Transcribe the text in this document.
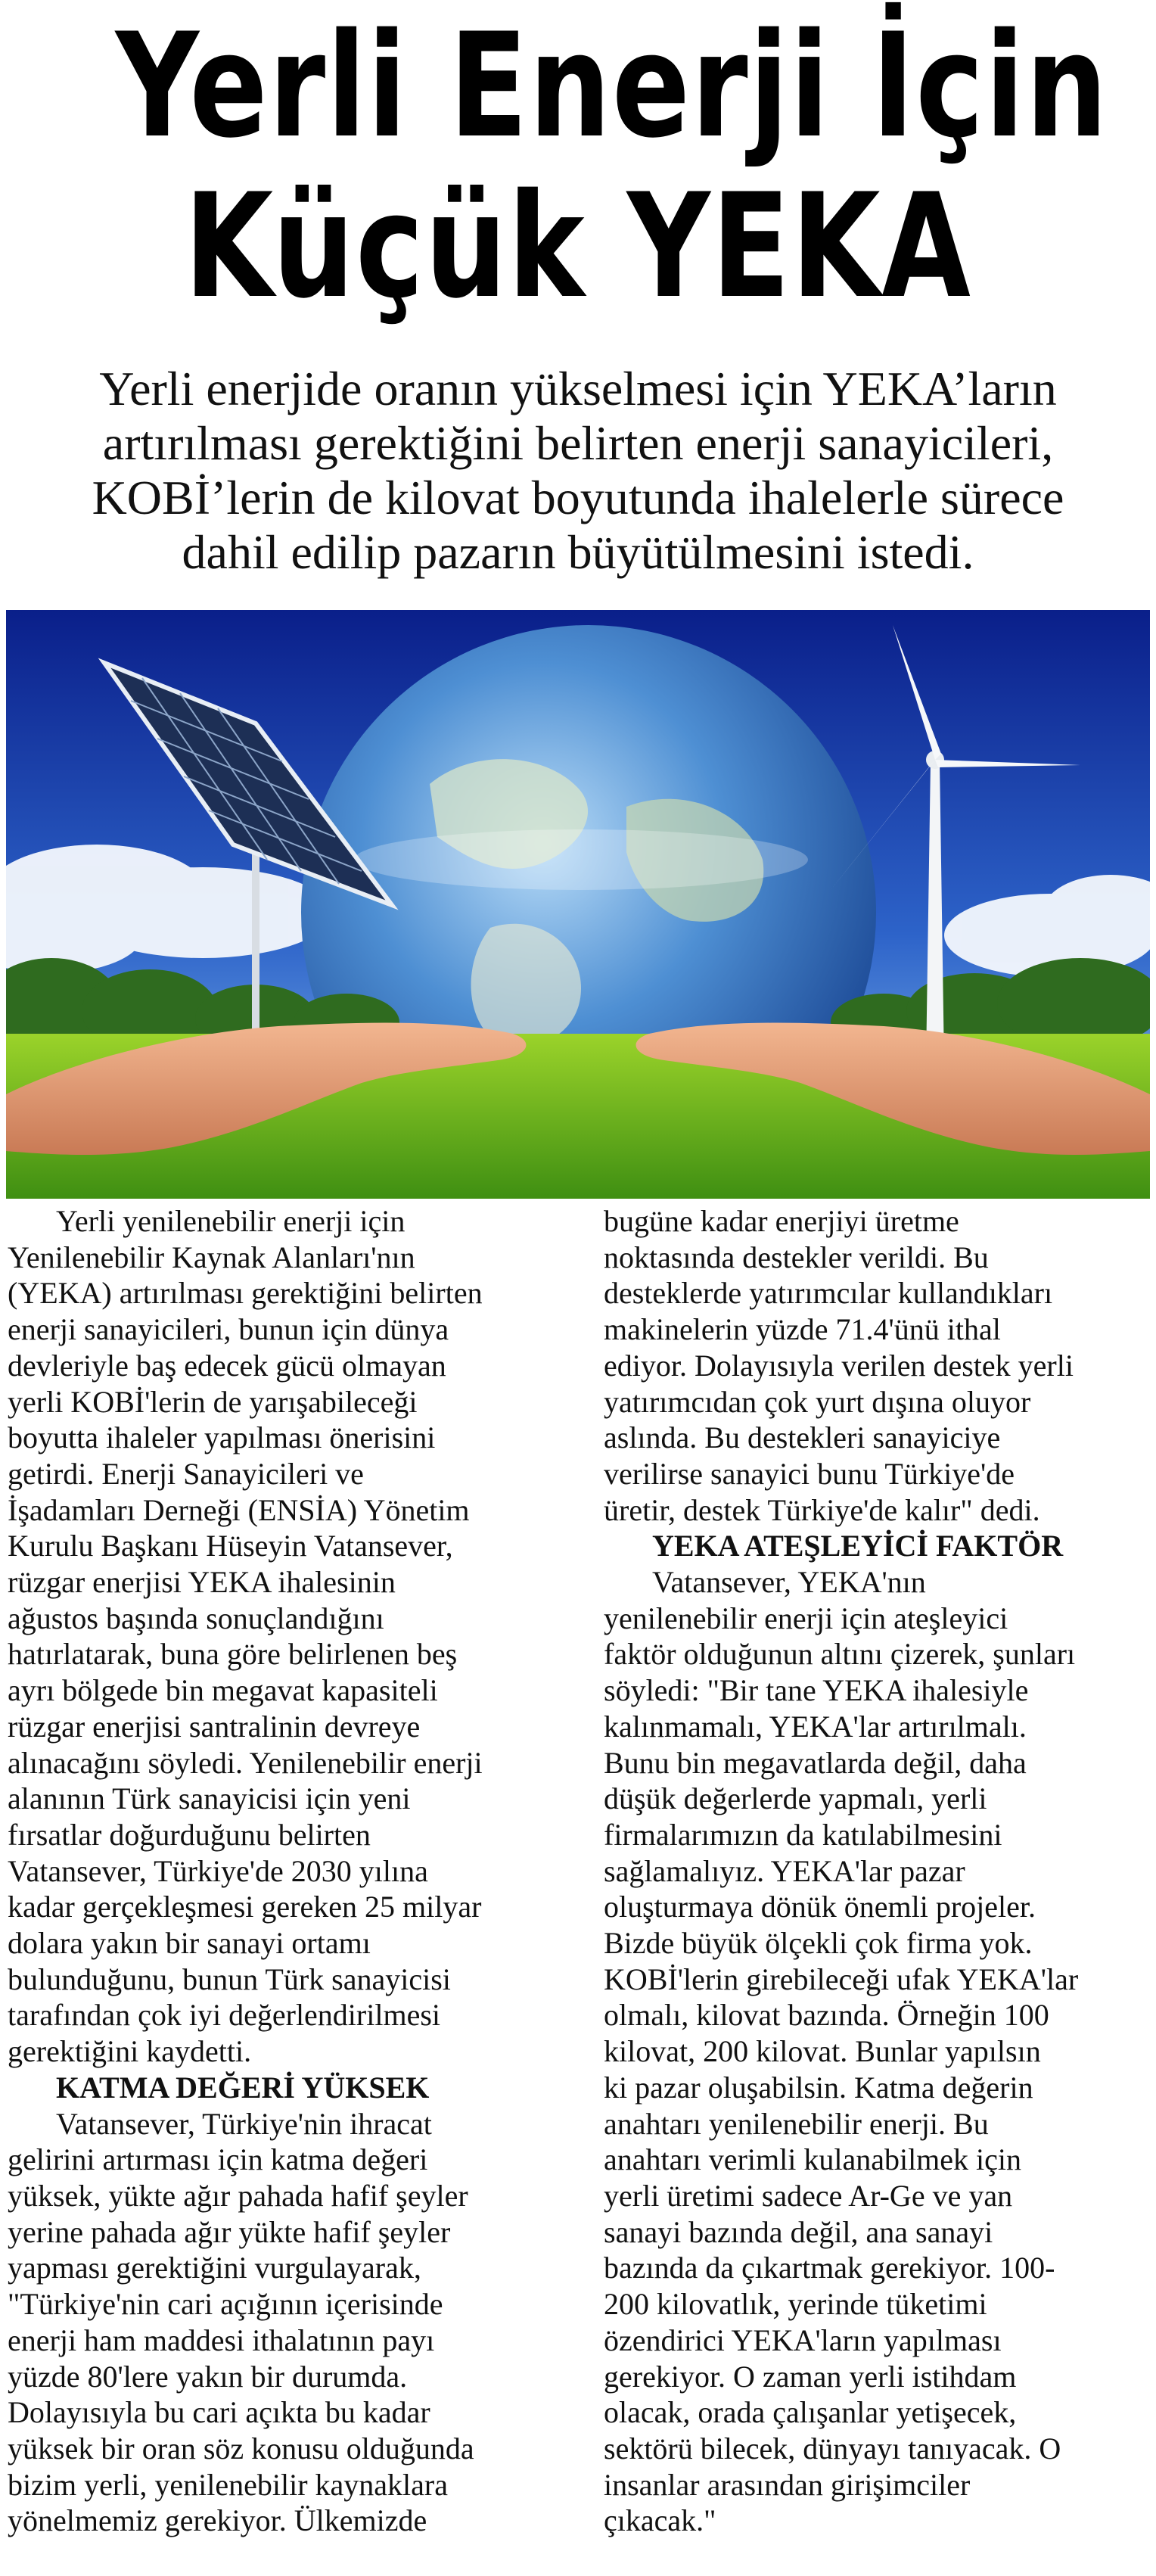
Yerli Enerji İçin
Küçük YEKA
Yerli enerjide oranın yükselmesi için YEKA’ların
artırılması gerektiğini belirten enerji sanayicileri,
KOBİ’lerin de kilovat boyutunda ihalelerle sürece
dahil edilip pazarın büyütülmesini istedi.
Yerli yenilenebilir enerji için
Yenilenebilir Kaynak Alanları'nın
(YEKA) artırılması gerektiğini belirten
enerji sanayicileri, bunun için dünya
devleriyle baş edecek gücü olmayan
yerli KOBİ'lerin de yarışabileceği
boyutta ihaleler yapılması önerisini
getirdi. Enerji Sanayicileri ve
İşadamları Derneği (ENSİA) Yönetim
Kurulu Başkanı Hüseyin Vatansever,
rüzgar enerjisi YEKA ihalesinin
ağustos başında sonuçlandığını
hatırlatarak, buna göre belirlenen beş
ayrı bölgede bin megavat kapasiteli
rüzgar enerjisi santralinin devreye
alınacağını söyledi. Yenilenebilir enerji
alanının Türk sanayicisi için yeni
fırsatlar doğurduğunu belirten
Vatansever, Türkiye'de 2030 yılına
kadar gerçekleşmesi gereken 25 milyar
dolara yakın bir sanayi ortamı
bulunduğunu, bunun Türk sanayicisi
tarafından çok iyi değerlendirilmesi
gerektiğini kaydetti.
KATMA DEĞERİ YÜKSEK
Vatansever, Türkiye'nin ihracat
gelirini artırması için katma değeri
yüksek, yükte ağır pahada hafif şeyler
yerine pahada ağır yükte hafif şeyler
yapması gerektiğini vurgulayarak,
"Türkiye'nin cari açığının içerisinde
enerji ham maddesi ithalatının payı
yüzde 80'lere yakın bir durumda.
Dolayısıyla bu cari açıkta bu kadar
yüksek bir oran söz konusu olduğunda
bizim yerli, yenilenebilir kaynaklara
yönelmemiz gerekiyor. Ülkemizde
bugüne kadar enerjiyi üretme
noktasında destekler verildi. Bu
desteklerde yatırımcılar kullandıkları
makinelerin yüzde 71.4'ünü ithal
ediyor. Dolayısıyla verilen destek yerli
yatırımcıdan çok yurt dışına oluyor
aslında. Bu destekleri sanayiciye
verilirse sanayici bunu Türkiye'de
üretir, destek Türkiye'de kalır" dedi.
YEKA ATEŞLEYİCİ FAKTÖR
Vatansever, YEKA'nın
yenilenebilir enerji için ateşleyici
faktör olduğunun altını çizerek, şunları
söyledi: "Bir tane YEKA ihalesiyle
kalınmamalı, YEKA'lar artırılmalı.
Bunu bin megavatlarda değil, daha
düşük değerlerde yapmalı, yerli
firmalarımızın da katılabilmesini
sağlamalıyız. YEKA'lar pazar
oluşturmaya dönük önemli projeler.
Bizde büyük ölçekli çok firma yok.
KOBİ'lerin girebileceği ufak YEKA'lar
olmalı, kilovat bazında. Örneğin 100
kilovat, 200 kilovat. Bunlar yapılsın
ki pazar oluşabilsin. Katma değerin
anahtarı yenilenebilir enerji. Bu
anahtarı verimli kulanabilmek için
yerli üretimi sadece Ar-Ge ve yan
sanayi bazında değil, ana sanayi
bazında da çıkartmak gerekiyor. 100-
200 kilovatlık, yerinde tüketimi
özendirici YEKA'ların yapılması
gerekiyor. O zaman yerli istihdam
olacak, orada çalışanlar yetişecek,
sektörü bilecek, dünyayı tanıyacak. O
insanlar arasından girişimciler
çıkacak."
